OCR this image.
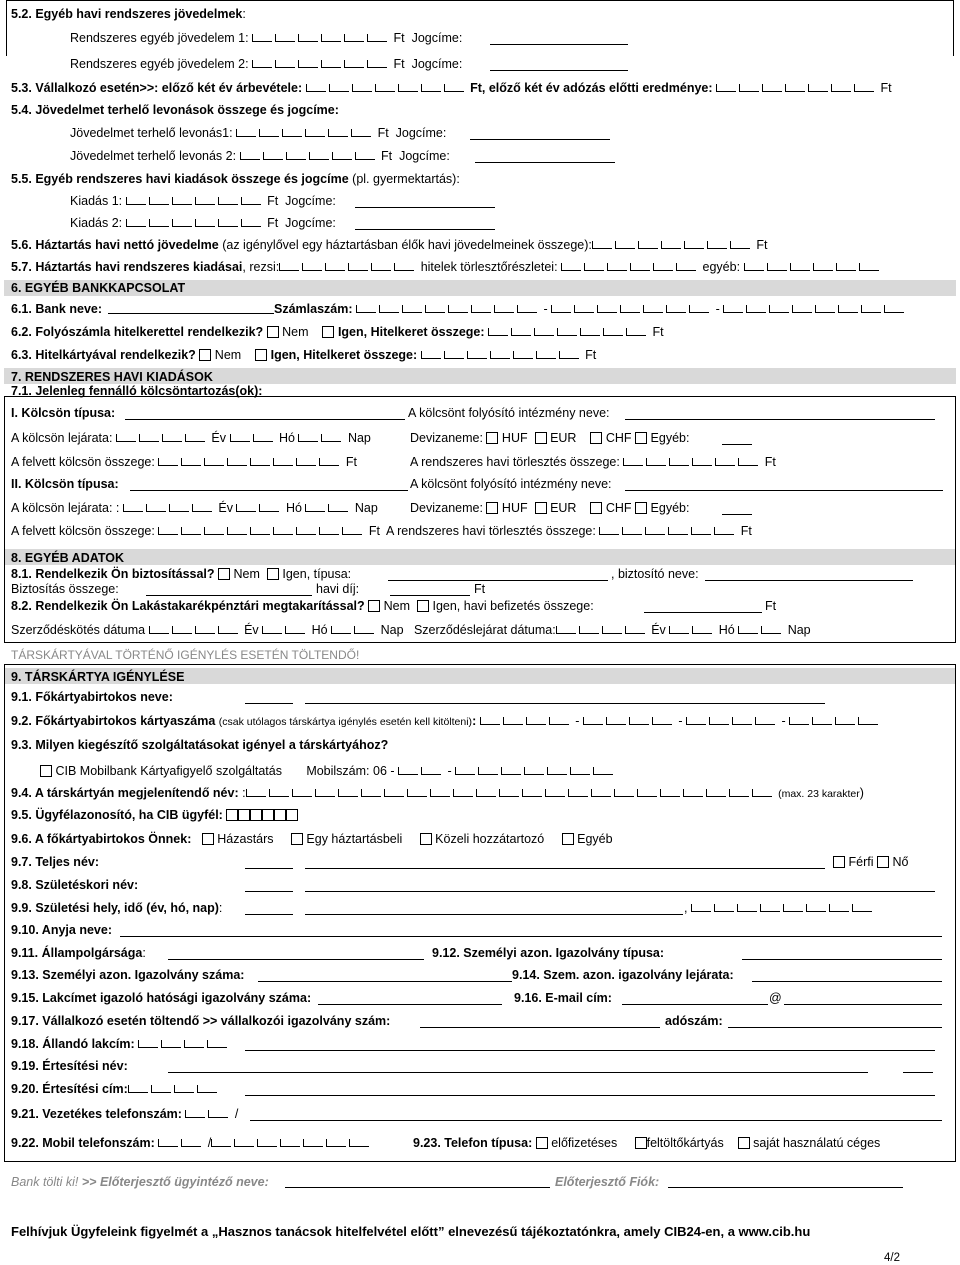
5.2. Egyéb havi rendszeres jövedelmek:
Rendszeres egyéb jövedelem 1:	Ft Jogcíme:
Rendszeres egyéb jövedelem 2:	Ft Jogcíme:
5.3. Vállalkozó esetén>>: előző két év árbevétele:	Ft, előző két év adózás előtti eredménye:	Ft
5.4. Jövedelmet terhelő levonások összege és jogcíme:
Jövedelmet terhelő levonás1:	Ft Jogcíme:
Jövedelmet terhelő levonás 2:	Ft Jogcíme:
5.5. Egyéb rendszeres havi kiadások összege és jogcíme (pl. gyermektartás):
Kiadás 1:	Ft Jogcíme:
Kiadás 2:	Ft Jogcíme:
5.6. Háztartás havi nettó jövedelme (az igénylővel egy háztartásban élők havi jövedelmeinek összege):	Ft
5.7. Háztartás havi rendszeres kiadásai, rezsi:	hitelek törlesztőrészletei:	egyéb:
6. EGYÉB BANKKAPCSOLAT
6.1. Bank neve:	Számlaszám:	-	-
6.2. Folyószámla hitelkerettel rendelkezik? Nem Igen, Hitelkeret összege:	Ft
6.3. Hitelkártyával rendelkezik? Nem Igen, Hitelkeret összege:	Ft
7. RENDSZERES HAVI KIADÁSOK
7.1. Jelenleg fennálló kölcsöntartozás(ok):
I. Kölcsön típusa:	A kölcsönt folyósító intézmény neve:
A kölcsön lejárata:	Év	Hó	Nap	Devizaneme: HUF EUR CHF Egyéb:
A felvett kölcsön összege:	Ft	A rendszeres havi törlesztés összege:	Ft
II. Kölcsön típusa:	A kölcsönt folyósító intézmény neve:
A kölcsön lejárata: :	Év	Hó	Nap	Devizaneme: HUF EUR CHF Egyéb:
A felvett kölcsön összege:	Ft A rendszeres havi törlesztés összege:	Ft
8. EGYÉB ADATOK
8.1. Rendelkezik Ön biztosítással? Nem Igen, típusa:	, biztosító neve:
Biztosítás összege:	havi díj:	Ft
8.2. Rendelkezik Ön Lakástakarékpénztári megtakarítással? Nem Igen, havi befizetés összege:	Ft
Szerződéskötés dátuma	Év	Hó	Nap Szerződéslejárat dátuma:	Év	Hó	Nap
TÁRSKÁRTYÁVAL TÖRTÉNŐ IGÉNYLÉS ESETÉN TÖLTENDŐ!
9. TÁRSKÁRTYA IGÉNYLÉSE
9.1. Főkártyabirtokos neve:
9.2. Főkártyabirtokos kártyaszáma (csak utólagos társkártya igénylés esetén kell kitölteni):	-	-	-
9.3. Milyen kiegészítő szolgáltatásokat igényel a társkártyához?
CIB Mobilbank Kártyafigyelő szolgáltatás Mobilszám: 06 -	-
9.4. A társkártyán megjelenítendő név: :	(max. 23 karakter)
9.5. Ügyfélazonosító, ha CIB ügyfél:
9.6. A főkártyabirtokos Önnek: Házastárs	Egy háztartásbeli	Közeli hozzátartozó	Egyéb
9.7. Teljes név:	Férfi Nő
9.8. Születéskori név:
9.9. Születési hely, idő (év, hó, nap):	,
9.10. Anyja neve:
9.11. Állampolgársága:	9.12. Személyi azon. Igazolvány típusa:
9.13. Személyi azon. Igazolvány száma:	9.14. Szem. azon. igazolvány lejárata:
9.15. Lakcímet igazoló hatósági igazolvány száma:	9.16. E-mail cím:	@
9.17. Vállalkozó esetén töltendő >> vállalkozói igazolvány szám:	adószám:
9.18. Állandó lakcím:
9.19. Értesítési név:
9.20. Értesítési cím:
9.21. Vezetékes telefonszám:	/
9.22. Mobil telefonszám:	/	9.23. Telefon típusa: előfizetéses feltöltőkártyás saját használatú céges
Bank tölti ki! >> Előterjesztő ügyintéző neve:	Előterjesztő Fiók:
Felhívjuk Ügyfeleink figyelmét a „Hasznos tanácsok hitelfelvétel előtt” elnevezésű tájékoztatónkra, amely CIB24-en, a www.cib.hu
4/2
